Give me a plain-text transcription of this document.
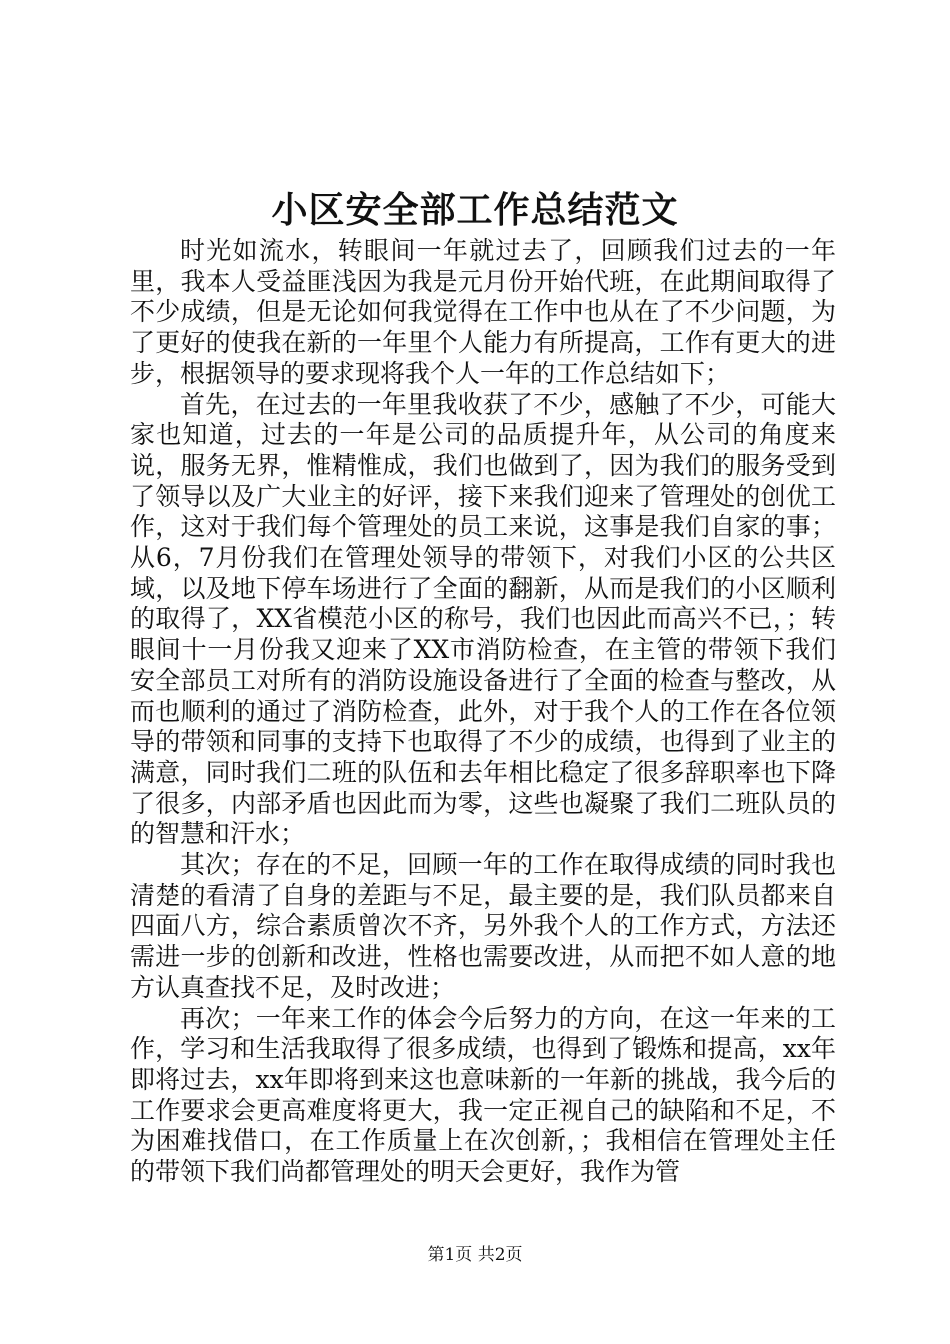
小区安全部工作总结范文

时光如流水，转眼间一年就过去了，回顾我们过去的一年里，我本人受益匪浅因为我是元月份开始代班，在此期间取得了不少成绩，但是无论如何我觉得在工作中也从在了不少问题，为了更好的使我在新的一年里个人能力有所提高，工作有更大的进步，根据领导的要求现将我个人一年的工作总结如下；

首先，在过去的一年里我收获了不少，感触了不少，可能大家也知道，过去的一年是公司的品质提升年，从公司的角度来说，服务无界，惟精惟成，我们也做到了，因为我们的服务受到了领导以及广大业主的好评，接下来我们迎来了管理处的创优工作，这对于我们每个管理处的员工来说，这事是我们自家的事；从6，7月份我们在管理处领导的带领下，对我们小区的公共区域，以及地下停车场进行了全面的翻新，从而是我们的小区顺利的取得了，XX省模范小区的称号，我们也因此而高兴不已，；转眼间十一月份我又迎来了XX市消防检查，在主管的带领下我们安全部员工对所有的消防设施设备进行了全面的检查与整改，从而也顺利的通过了消防检查，此外，对于我个人的工作在各位领导的带领和同事的支持下也取得了不少的成绩，也得到了业主的满意，同时我们二班的队伍和去年相比稳定了很多辞职率也下降了很多，内部矛盾也因此而为零，这些也凝聚了我们二班队员的的智慧和汗水；

其次；存在的不足，回顾一年的工作在取得成绩的同时我也清楚的看清了自身的差距与不足，最主要的是，我们队员都来自四面八方，综合素质曾次不齐，另外我个人的工作方式，方法还需进一步的创新和改进，性格也需要改进，从而把不如人意的地方认真查找不足，及时改进；

再次；一年来工作的体会今后努力的方向，在这一年来的工作，学习和生活我取得了很多成绩，也得到了锻炼和提高，xx年即将过去，xx年即将到来这也意味新的一年新的挑战，我今后的工作要求会更高难度将更大，我一定正视自己的缺陷和不足，不为困难找借口，在工作质量上在次创新，；我相信在管理处主任的带领下我们尚都管理处的明天会更好，我作为管

第1页 共2页
